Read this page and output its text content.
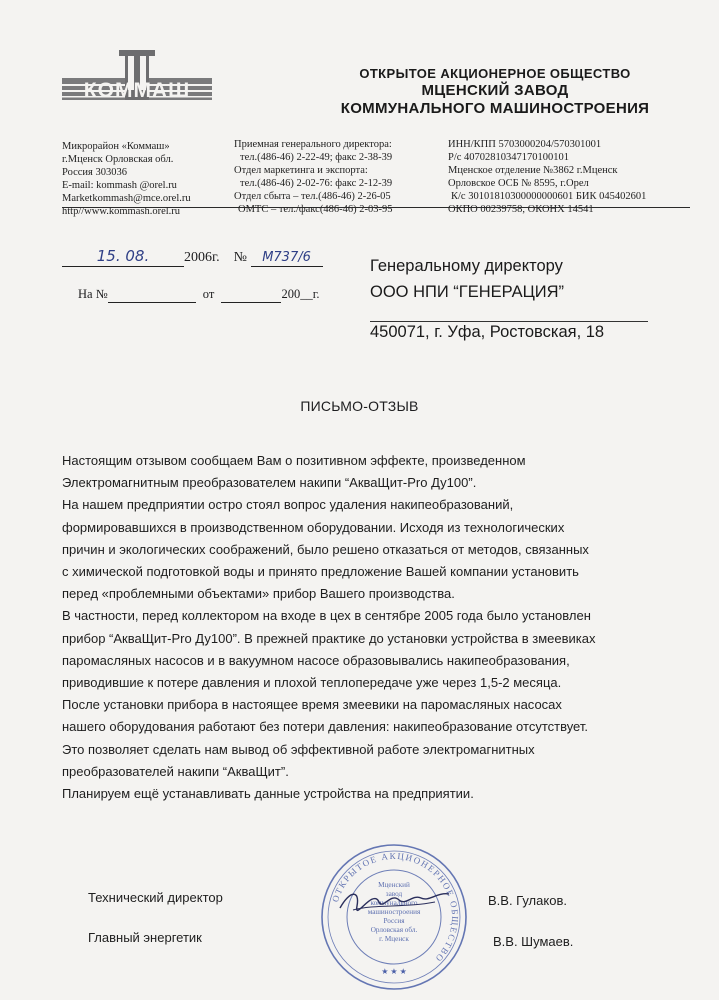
КОММАШ
ОТКРЫТОЕ АКЦИОНЕРНОЕ ОБЩЕСТВО
МЦЕНСКИЙ ЗАВОД
КОММУНАЛЬНОГО МАШИНОСТРОЕНИЯ
Микрорайон «Коммаш»
г.Мценск Орловская обл.
Россия 303036
E-mail: kommash @orel.ru
Marketkommash@mce.orel.ru
http//www.kommash.orel.ru
Приемная генерального директора:
тел.(486-46) 2-22-49; факс 2-38-39
Отдел маркетинга и экспорта:
тел.(486-46) 2-02-76: факс 2-12-39
Отдел сбыта – тел.(486-46) 2-26-05
ОМТС – тел./факс(486-46) 2-03-95
ИНН/КПП 5703000204/570301001
Р/с 40702810347170100101
Мценское отделение №3862 г.Мценск
Орловское ОСБ № 8595, г.Орел
К/с 30101810300000000601 БИК 045402601
ОКПО 00239758, ОКОНХ 14541
15. 08. 2006г. № М737/6
На №	от	200__г.
Генеральному директору
ООО НПИ “ГЕНЕРАЦИЯ”
450071, г. Уфа, Ростовская, 18
ПИСЬМО-ОТЗЫВ
Настоящим отзывом сообщаем Вам о позитивном эффекте, произведенном
Электромагнитным преобразователем накипи “АкваЩит-Pro Ду100”.
На нашем предприятии остро стоял вопрос удаления накипеобразований,
формировавшихся в производственном оборудовании. Исходя из технологических
причин и экологических соображений, было решено отказаться от методов, связанных
с химической подготовкой воды и принято предложение Вашей компании установить
перед «проблемными объектами» прибор Вашего производства.
В частности, перед коллектором на входе в цех в сентябре 2005 года было установлен
прибор “АкваЩит-Pro Ду100”. В прежней практике до установки устройства в змеевиках
паромасляных насосов и в вакуумном насосе образовывались накипеобразования,
приводившие к потере давления и плохой теплопередаче уже через 1,5-2 месяца.
После установки прибора в настоящее время змеевики на паромасляных насосах
нашего оборудования работают без потери давления: накипеобразование отсутствует.
Это позволяет сделать нам вывод об эффективной работе электромагнитных
преобразователей накипи “АкваЩит”.
Планируем ещё устанавливать данные устройства на предприятии.
Технический директор	В.В. Гулаков.
Главный энергетик	В.В. Шумаев.
ОТКРЫТОЕ АКЦИОНЕРНОЕ ОБЩЕСТВО
Мценский
завод
коммунального
машиностроения
Россия
Орловская обл.
г. Мценск
★ ★ ★
